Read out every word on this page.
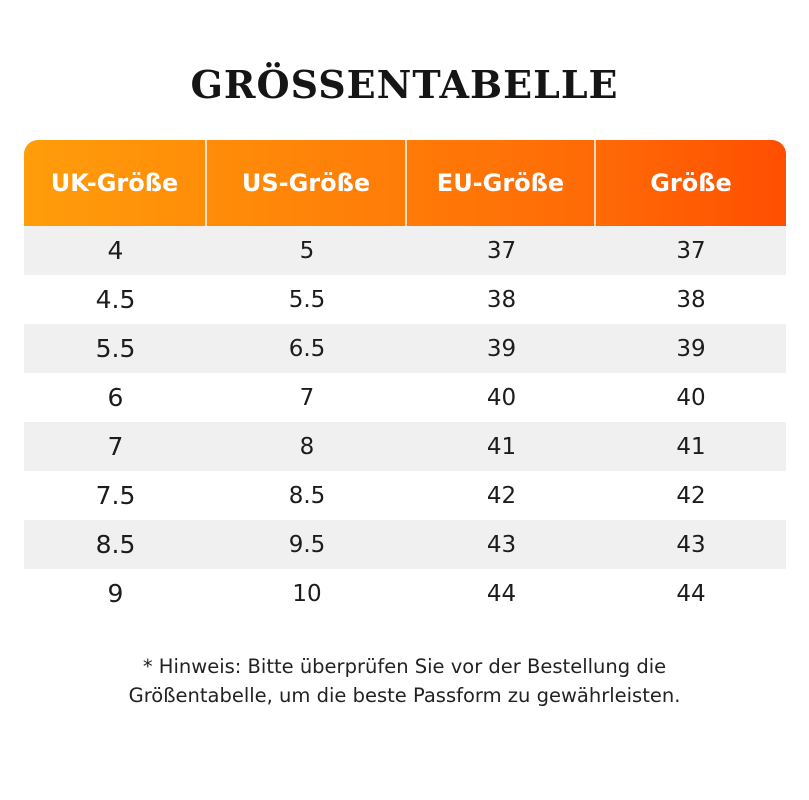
GRÖSSENTABELLE
UK-Größe	US-Größe	EU-Größe	Größe
4	5	37	37
4.5	5.5	38	38
5.5	6.5	39	39
6	7	40	40
7	8	41	41
7.5	8.5	42	42
8.5	9.5	43	43
9	10	44	44
* Hinweis: Bitte überprüfen Sie vor der Bestellung die
Größentabelle, um die beste Passform zu gewährleisten.
